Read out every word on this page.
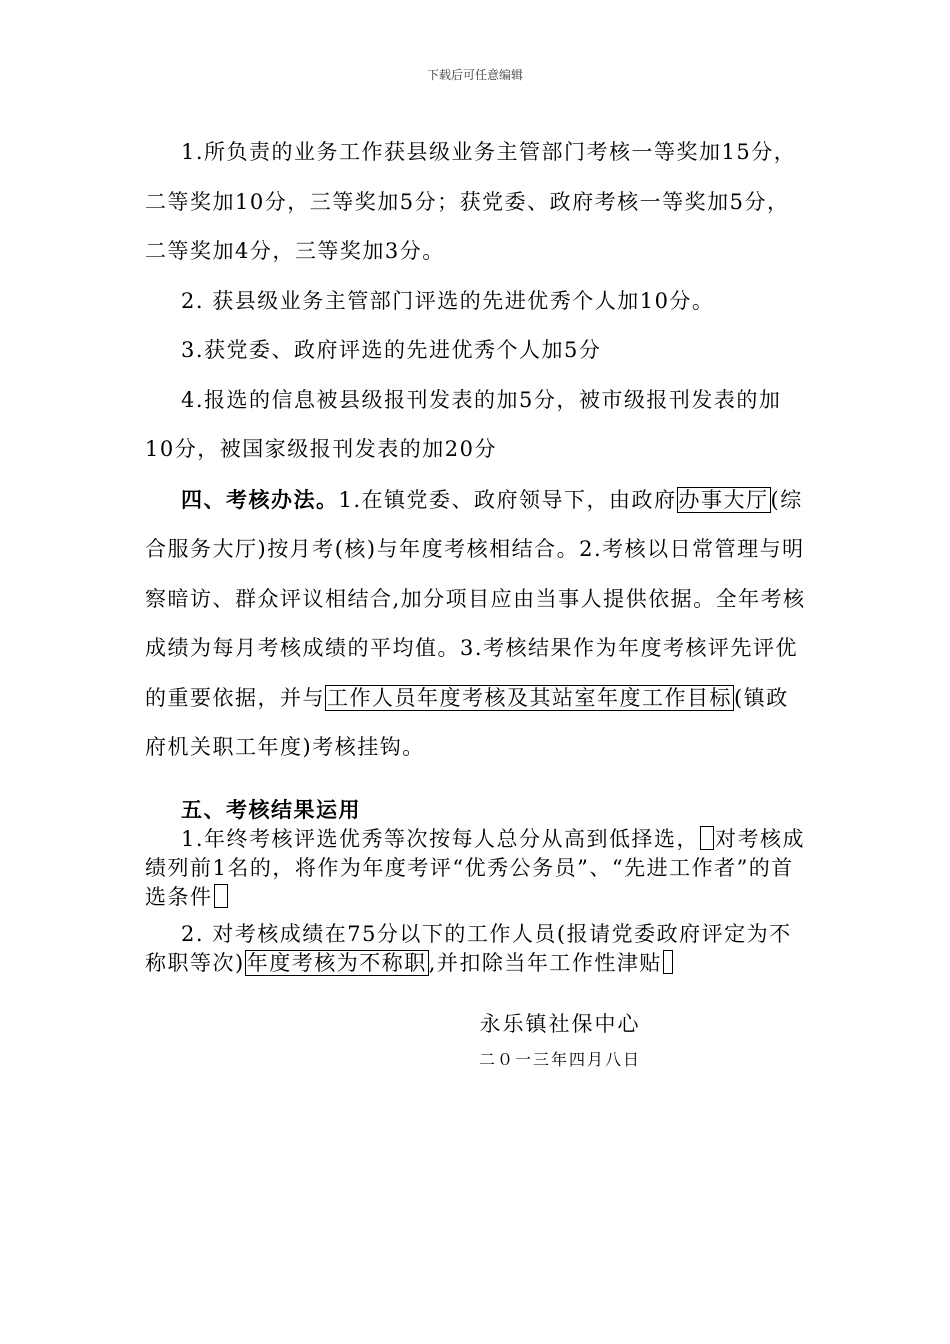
下载后可任意编辑

1.所负责的业务工作获县级业务主管部门考核一等奖加15分，二等奖加10分，三等奖加5分；获党委、政府考核一等奖加5分，二等奖加4分，三等奖加3分。

2. 获县级业务主管部门评选的先进优秀个人加10分。

3.获党委、政府评选的先进优秀个人加5分

4.报选的信息被县级报刊发表的加5分，被市级报刊发表的加10分，被国家级报刊发表的加20分

四、考核办法。1.在镇党委、政府领导下，由政府办事大厅(综合服务大厅)按月考(核)与年度考核相结合。2.考核以日常管理与明察暗访、群众评议相结合,加分项目应由当事人提供依据。全年考核成绩为每月考核成绩的平均值。3.考核结果作为年度考核评先评优的重要依据，并与工作人员年度考核及其站室年度工作目标(镇政府机关职工年度)考核挂钩。

五、考核结果运用

1.年终考核评选优秀等次按每人总分从高到低择选， 对考核成绩列前1名的，将作为年度考评“优秀公务员”、“先进工作者”的首选条件

2. 对考核成绩在75分以下的工作人员(报请党委政府评定为不称职等次)年度考核为不称职,并扣除当年工作性津贴

永乐镇社保中心
二０一三年四月八日
